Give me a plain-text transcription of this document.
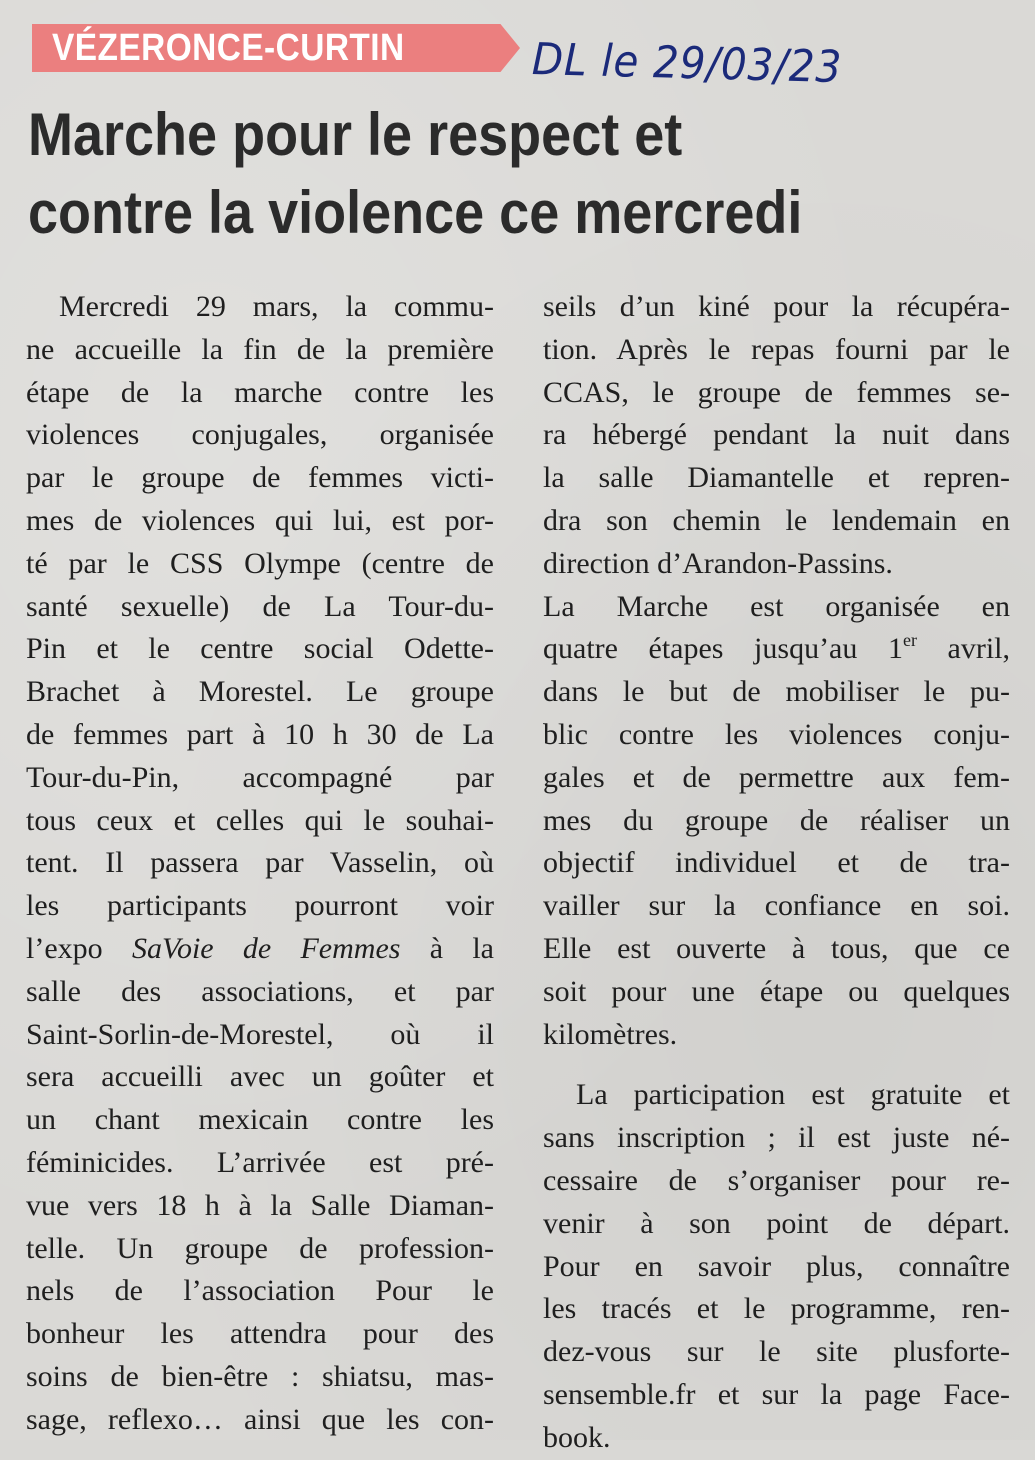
VÉZERONCE-CURTIN	DL le 29/03/23
Marche pour le respect et
contre la violence ce mercredi
Mercredi 29 mars, la commu-
ne accueille la fin de la première
étape de la marche contre les
violences conjugales, organisée
par le groupe de femmes victi-
mes de violences qui lui, est por-
té par le CSS Olympe (centre de
santé sexuelle) de La Tour-du-
Pin et le centre social Odette-
Brachet à Morestel. Le groupe
de femmes part à 10 h 30 de La
Tour-du-Pin, accompagné par
tous ceux et celles qui le souhai-
tent. Il passera par Vasselin, où
les participants pourront voir
l’expo SaVoie de Femmes à la
salle des associations, et par
Saint-Sorlin-de-Morestel, où il
sera accueilli avec un goûter et
un chant mexicain contre les
féminicides. L’arrivée est pré-
vue vers 18 h à la Salle Diaman-
telle. Un groupe de profession-
nels de l’association Pour le
bonheur les attendra pour des
soins de bien-être : shiatsu, mas-
sage, reflexo… ainsi que les con-
seils d’un kiné pour la récupéra-
tion. Après le repas fourni par le
CCAS, le groupe de femmes se-
ra hébergé pendant la nuit dans
la salle Diamantelle et repren-
dra son chemin le lendemain en
direction d’Arandon-Passins.
La Marche est organisée en
quatre étapes jusqu’au 1er avril,
dans le but de mobiliser le pu-
blic contre les violences conju-
gales et de permettre aux fem-
mes du groupe de réaliser un
objectif individuel et de tra-
vailler sur la confiance en soi.
Elle est ouverte à tous, que ce
soit pour une étape ou quelques
kilomètres.
La participation est gratuite et
sans inscription ; il est juste né-
cessaire de s’organiser pour re-
venir à son point de départ.
Pour en savoir plus, connaître
les tracés et le programme, ren-
dez-vous sur le site plusforte-
sensemble.fr et sur la page Face-
book.
